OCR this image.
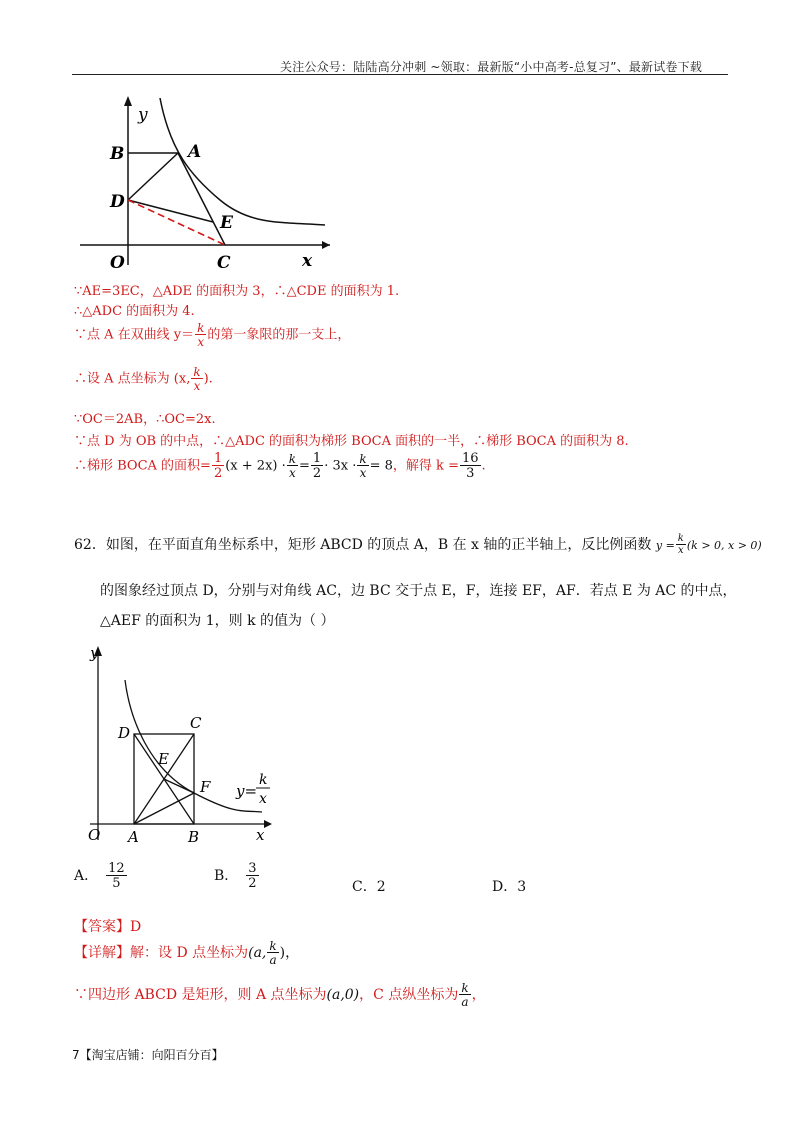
关注公众号：陆陆高分冲刺 ~领取：最新版“小中高考-总复习”、最新试卷下载
y
B	A
D
E
O	C	x
∵AE=3EC，△ADE 的面积为 3，∴△CDE 的面积为 1.
∴△ADC 的面积为 4.
∵点 A 在双曲线 $y= \frac{k}{x}$ 的第一象限的那一支上，
∴设 A 点坐标为 (x, $\frac{k}{x}$ ).
∵OC＝2AB，∴OC=2x.
∵点 D 为 OB 的中点，∴△ADC 的面积为梯形 BOCA 面积的一半，∴梯形 BOCA 的面积为 8.
∴梯形 BOCA 的面积= $\frac{1}{2} (x + 2x) \cdot \frac{k}{x} = \frac{1}{2} \cdot 3x \cdot \frac{k}{x} = 8$，解得 $k = \frac{16}{3}$ .
62．如图，在平面直角坐标系中，矩形 ABCD 的顶点 A，B 在 x 轴的正半轴上，反比例函数 $y = \frac{k}{x} (k > 0$, x > 0)
的图象经过顶点 D，分别与对角线 AC，边 BC 交于点 E，F，连接 EF，AF．若点 E 为 AC 的中点，
△AEF 的面积为 1，则 k 的值为（ ）
y
D
C
E
F y=
k
x
O A	B	x
A． $\frac{12}{5}$	B． $\frac{3}{2}$	C．2	D．3
【答案】D
【详解】解：设 D 点坐标为(a, $\frac{k}{a}$ )，
∵四边形 ABCD 是矩形，则 A 点坐标为(a,0)，C 点纵坐标为 $\frac{k}{a}$ ，
7【淘宝店铺：向阳百分百】
